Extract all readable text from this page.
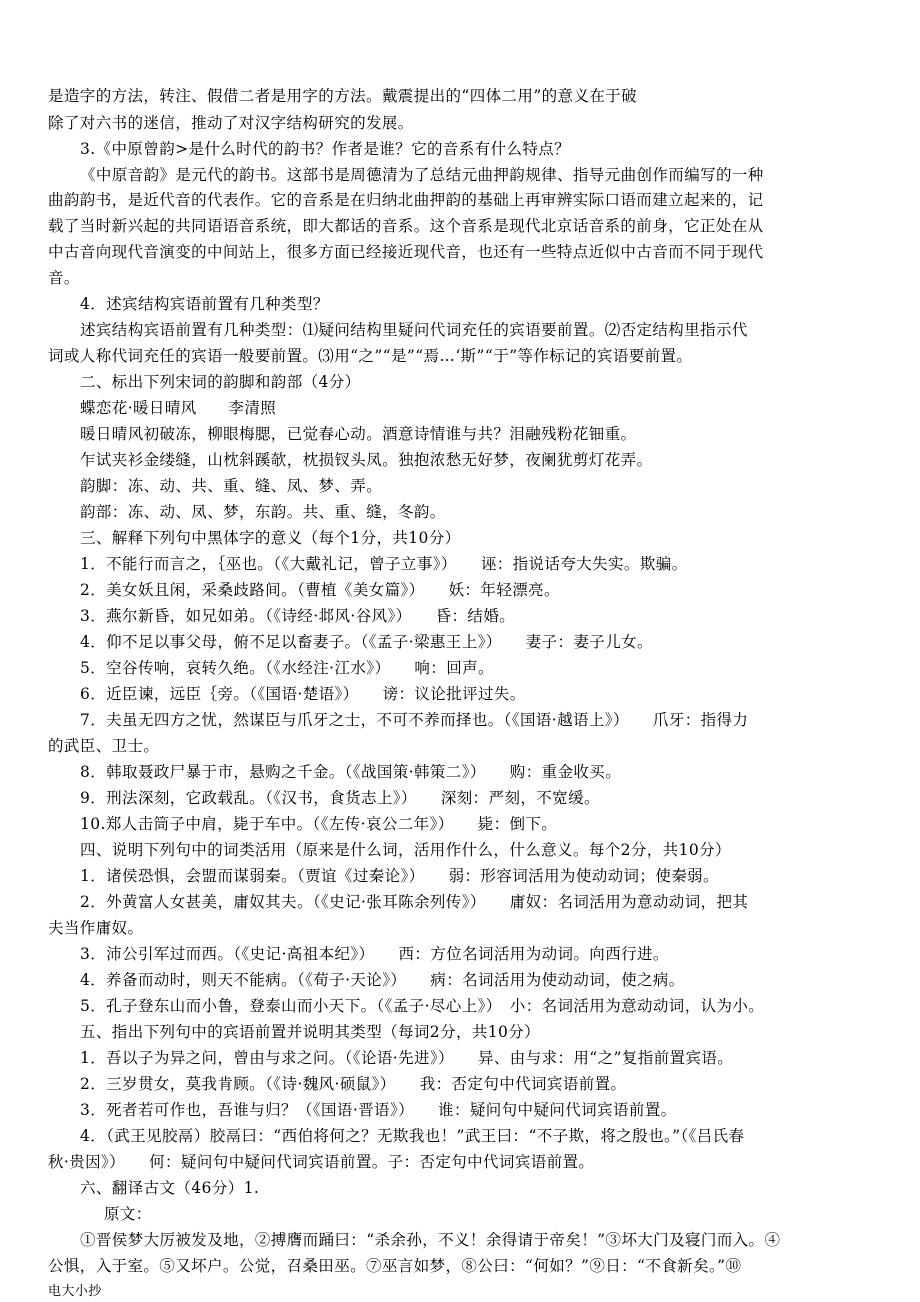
是造字的方法，转注、假借二者是用字的方法。戴震提出的“四体二用”的意义在于破
除了对六书的迷信，推动了对汉字结构研究的发展。
3.《中原曾韵>是什么时代的韵书？作者是谁？它的音系有什么特点？
《中原音韵》是元代的韵书。这部书是周德清为了总结元曲押韵规律、指导元曲创作而编写的一种
曲韵韵书，是近代音的代表作。它的音系是在归纳北曲押韵的基础上再审辨实际口语而建立起来的，记
载了当时新兴起的共同语语音系统，即大都话的音系。这个音系是现代北京话音系的前身，它正处在从
中古音向现代音演变的中间站上，很多方面已经接近现代音，也还有一些特点近似中古音而不同于现代
音。
4．述宾结构宾语前置有几种类型？
述宾结构宾语前置有几种类型：⑴疑问结构里疑问代词充任的宾语要前置。⑵否定结构里指示代
词或人称代词充任的宾语一般要前置。⑶用“之”“是”“焉…‘斯”“于”等作标记的宾语要前置。
二、标出下列宋词的韵脚和韵部（4分）
蝶恋花·暖日晴风　　李清照
暖日晴风初破冻，柳眼梅腮，已觉春心动。酒意诗情谁与共？泪融残粉花钿重。
乍试夹衫金缕缝，山枕斜蹊欹，枕损钗头凤。独抱浓愁无好梦，夜阑犹剪灯花弄。
韵脚：冻、动、共、重、缝、凤、梦、弄。
韵部：冻、动、凤、梦，东韵。共、重、缝，冬韵。
三、解释下列句中黑体字的意义（每个1分，共10分）
1．不能行而言之，｛巫也。（《大戴礼记，曾子立事》）　　诬：指说话夸大失实。欺骗。
2．美女妖且闲，采桑歧路间。（曹植《美女篇》）　　妖：年轻漂亮。
3．燕尔新昏，如兄如弟。（《诗经·邶风·谷风》）　　昏：结婚。
4．仰不足以事父母，俯不足以畜妻子。（《孟子·梁惠王上》）　　妻子：妻子儿女。
5．空谷传响，哀转久绝。（《水经注·江水》）　　响：回声。
6．近臣谏，远臣｛旁。（《国语·楚语》）　　谤：议论批评过失。
7．夫虽无四方之忧，然谋臣与爪牙之士，不可不养而择也。（《国语·越语上》）　　爪牙：指得力
的武臣、卫士。
8．韩取聂政尸暴于市，悬购之千金。（《战国策·韩策二》）　　购：重金收买。
9．刑法深刻，它政载乱。（《汉书，食货志上》）　　深刻：严刻，不宽缓。
10.郑人击筒子中肩，毙于车中。（《左传·哀公二年》）　　毙：倒下。
四、说明下列句中的词类活用（原来是什么词，活用作什么，什么意义。每个2分，共10分）
1．诸侯恐惧，会盟而谋弱秦。（贾谊《过秦论》）　　弱：形容词活用为使动动词；使秦弱。
2．外黄富人女甚美，庸奴其夫。（《史记·张耳陈余列传》）　　庸奴：名词活用为意动动词，把其
夫当作庸奴。
3．沛公引军过而西。（《史记·高祖本纪》）　　西：方位名词活用为动词。向西行进。
4．养备而动时，则天不能病。（《荀子·天论》）　　病：名词活用为使动动词，使之病。
5．孔子登东山而小鲁，登泰山而小天下。（《孟子·尽心上》）　小：名词活用为意动动词，认为小。
五、指出下列句中的宾语前置并说明其类型（每词2分，共10分）
1．吾以子为异之问，曾由与求之问。（《论语·先进》）　　异、由与求：用“之”复指前置宾语。
2．三岁贯女，莫我肯顾。（《诗·魏风·硕鼠》）　　我：否定句中代词宾语前置。
3．死者若可作也，吾谁与归？（《国语·晋语》）　　谁：疑问句中疑问代词宾语前置。
4．（武王见胶鬲）胶鬲曰：“西伯将何之？无欺我也！”武王曰：“不子欺，将之殷也。”（《吕氏春
秋·贵因》）　　何：疑问句中疑问代词宾语前置。子：否定句中代词宾语前置。
六、翻译古文（46分）1.
原文：
①晋侯梦大厉被发及地，②搏膺而踊曰：“杀余孙，不义！余得请于帝矣！”③坏大门及寝门而入。④
公惧，入于室。⑤又坏户。公觉，召桑田巫。⑦巫言如梦，⑧公曰：“何如？”⑨日：“不食新矣。”⑩
电大小抄
